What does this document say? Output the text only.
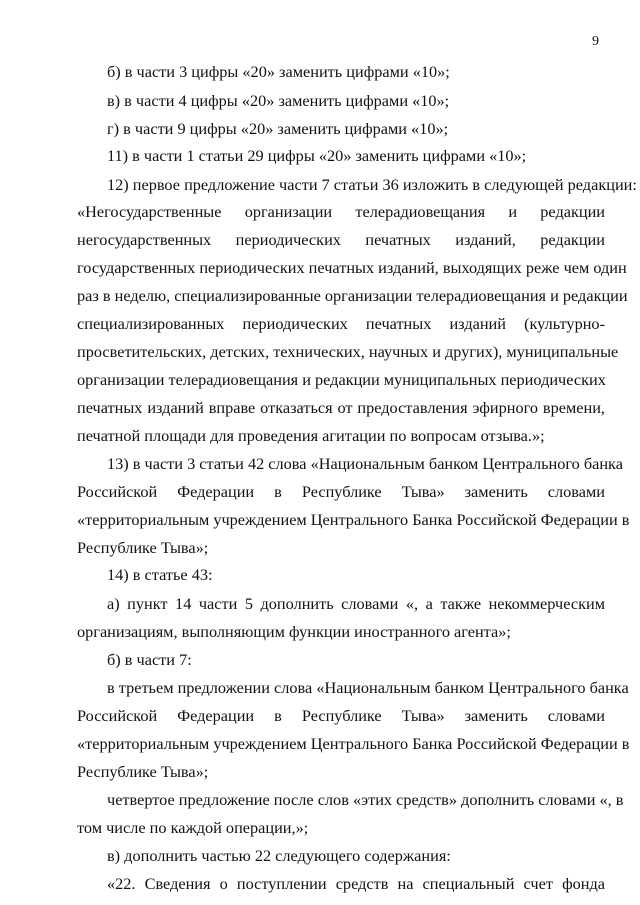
9
б) в части 3 цифры «20» заменить цифрами «10»;
в) в части 4 цифры «20» заменить цифрами «10»;
г) в части 9 цифры «20» заменить цифрами «10»;
11) в части 1 статьи 29 цифры «20» заменить цифрами «10»;
12) первое предложение части 7 статьи 36 изложить в следующей редакции:
«Негосударственные организации телерадиовещания и редакции
негосударственных периодических печатных изданий, редакции
государственных периодических печатных изданий, выходящих реже чем один
раз в неделю, специализированные организации телерадиовещания и редакции
специализированных периодических печатных изданий (культурно-
просветительских, детских, технических, научных и других), муниципальные
организации телерадиовещания и редакции муниципальных периодических
печатных изданий вправе отказаться от предоставления эфирного времени,
печатной площади для проведения агитации по вопросам отзыва.»;
13) в части 3 статьи 42 слова «Национальным банком Центрального банка
Российской Федерации в Республике Тыва» заменить словами
«территориальным учреждением Центрального Банка Российской Федерации в
Республике Тыва»;
14) в статье 43:
а) пункт 14 части 5 дополнить словами «, а также некоммерческим
организациям, выполняющим функции иностранного агента»;
б) в части 7:
в третьем предложении слова «Национальным банком Центрального банка
Российской Федерации в Республике Тыва» заменить словами
«территориальным учреждением Центрального Банка Российской Федерации в
Республике Тыва»;
четвертое предложение после слов «этих средств» дополнить словами «, в
том числе по каждой операции,»;
в) дополнить частью 22 следующего содержания:
«22. Сведения о поступлении средств на специальный счет фонда
